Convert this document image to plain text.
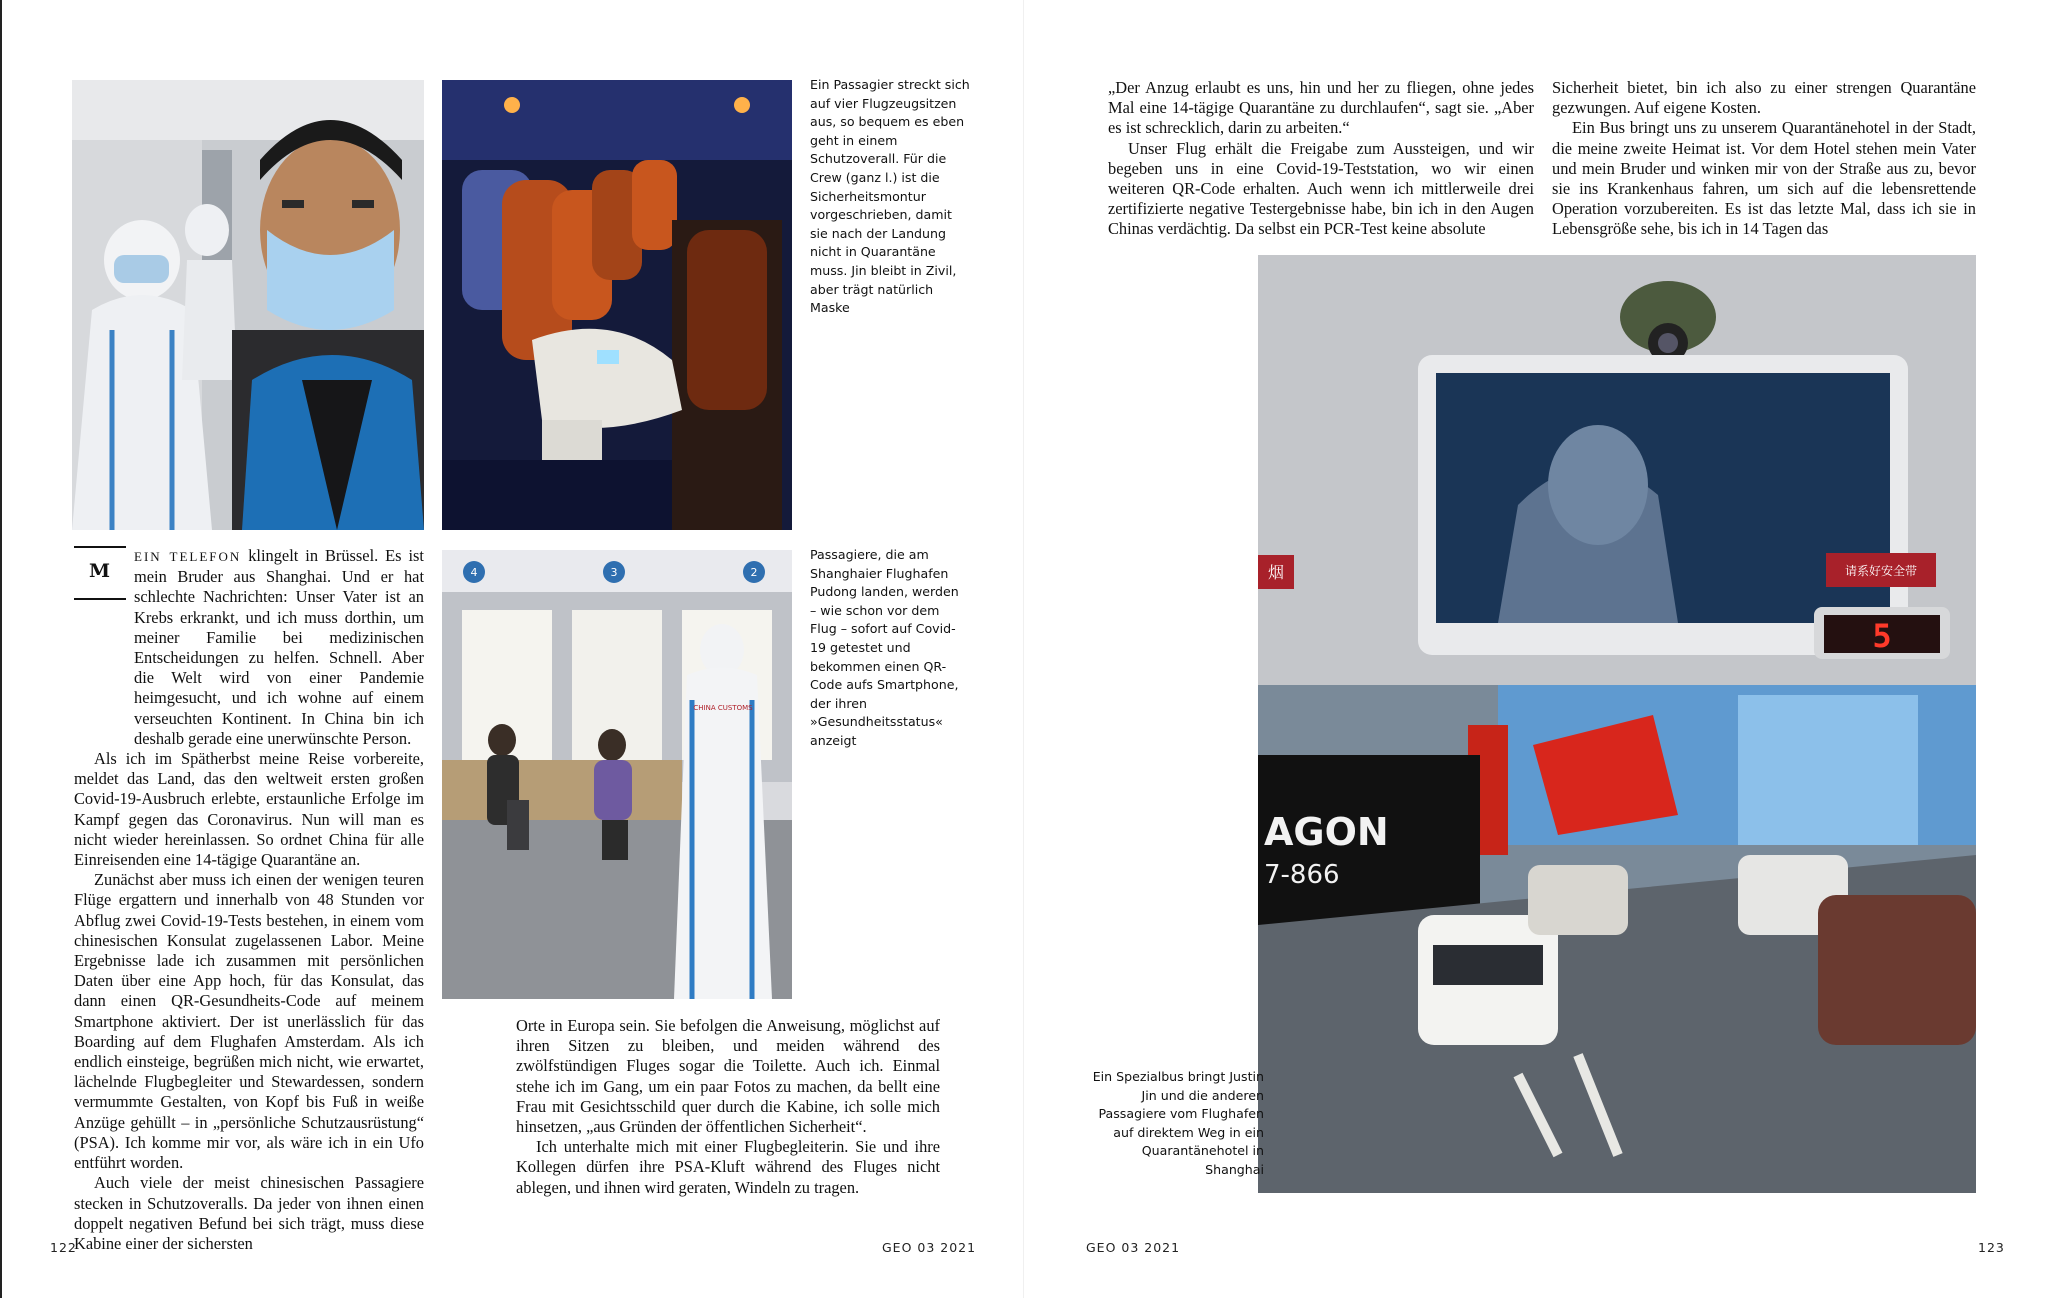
Ein Passagier streckt sich auf vier Flugzeugsitzen aus, so bequem es eben geht in einem Schutzoverall. Für die Crew (ganz l.) ist die Sicherheitsmontur vorgeschrieben, damit sie nach der Landung nicht in Quarantäne muss. Jin bleibt in Zivil, aber trägt natürlich Maske
4	3	2
CHINA CUSTOMS
Passagiere, die am Shanghaier Flughafen Pudong landen, werden – wie schon vor dem Flug – sofort auf Covid-19 getestet und bekommen einen QR-Code aufs Smartphone, der ihren »Gesundheitsstatus« anzeigt
M

EIN TELEFON klingelt in Brüssel. Es ist mein Bruder aus Shanghai. Und er hat schlechte Nachrichten: Unser Vater ist an Krebs erkrankt, und ich muss dorthin, um meiner Familie bei medizinischen Entscheidungen zu helfen. Schnell. Aber die Welt wird von einer Pandemie heimgesucht, und ich wohne auf einem verseuchten Kontinent. In China bin ich deshalb gerade eine unerwünschte Person.

Als ich im Spätherbst meine Reise vorbereite, meldet das Land, das den weltweit ersten großen Covid-19-Ausbruch erlebte, erstaunliche Erfolge im Kampf gegen das Coronavirus. Nun will man es nicht wieder hereinlassen. So ordnet China für alle Einreisenden eine 14-tägige Quarantäne an.

Zunächst aber muss ich einen der wenigen teuren Flüge ergattern und innerhalb von 48 Stunden vor Abflug zwei Covid-19-Tests bestehen, in einem vom chinesischen Konsulat zugelassenen Labor. Meine Ergebnisse lade ich zusammen mit persönlichen Daten über eine App hoch, für das Konsulat, das dann einen QR-Gesundheits-Code auf meinem Smartphone aktiviert. Der ist unerlässlich für das Boarding auf dem Flughafen Amsterdam. Als ich endlich einsteige, begrüßen mich nicht, wie erwartet, lächelnde Flugbegleiter und Stewardessen, sondern vermummte Gestalten, von Kopf bis Fuß in weiße Anzüge gehüllt – in „persönliche Schutzausrüstung“ (PSA). Ich komme mir vor, als wäre ich in ein Ufo entführt worden.

Auch viele der meist chinesischen Passagiere stecken in Schutzoveralls. Da jeder von ihnen einen doppelt negativen Befund bei sich trägt, muss diese Kabine einer der sichersten

Orte in Europa sein. Sie befolgen die Anweisung, möglichst auf ihren Sitzen zu bleiben, und meiden während des zwölfstündigen Fluges sogar die Toilette. Auch ich. Einmal stehe ich im Gang, um ein paar Fotos zu machen, da bellt eine Frau mit Gesichtsschild quer durch die Kabine, ich solle mich hinsetzen, „aus Gründen der öffentlichen Sicherheit“.

Ich unterhalte mich mit einer Flugbegleiterin. Sie und ihre Kollegen dürfen ihre PSA-Kluft während des Fluges nicht ablegen, und ihnen wird geraten, Windeln zu tragen.

122	GEO 03 2021

„Der Anzug erlaubt es uns, hin und her zu fliegen, ohne jedes Mal eine 14-tägige Quarantäne zu durchlaufen“, sagt sie. „Aber es ist schrecklich, darin zu arbeiten.“

Unser Flug erhält die Freigabe zum Aussteigen, und wir begeben uns in eine Covid-19-Teststation, wo wir einen weiteren QR-Code erhalten. Auch wenn ich mittlerweile drei zertifizierte negative Testergebnisse habe, bin ich in den Augen Chinas verdächtig. Da selbst ein PCR-Test keine absolute

Sicherheit bietet, bin ich also zu einer strengen Quarantäne gezwungen. Auf eigene Kosten.

Ein Bus bringt uns zu unserem Quarantänehotel in der Stadt, die meine zweite Heimat ist. Vor dem Hotel stehen mein Vater und mein Bruder und winken mir von der Straße aus zu, bevor sie ins Krankenhaus fahren, um sich auf die lebensrettende Operation vorzubereiten. Es ist das letzte Mal, dass ich sie in Lebensgröße sehe, bis ich in 14 Tagen das

烟	请系好安全带
5
AGON
7-866
Ein Spezialbus bringt Justin Jin und die anderen Passagiere vom Flughafen auf direktem Weg in ein Quarantänehotel in Shanghai
GEO 03 2021	123
